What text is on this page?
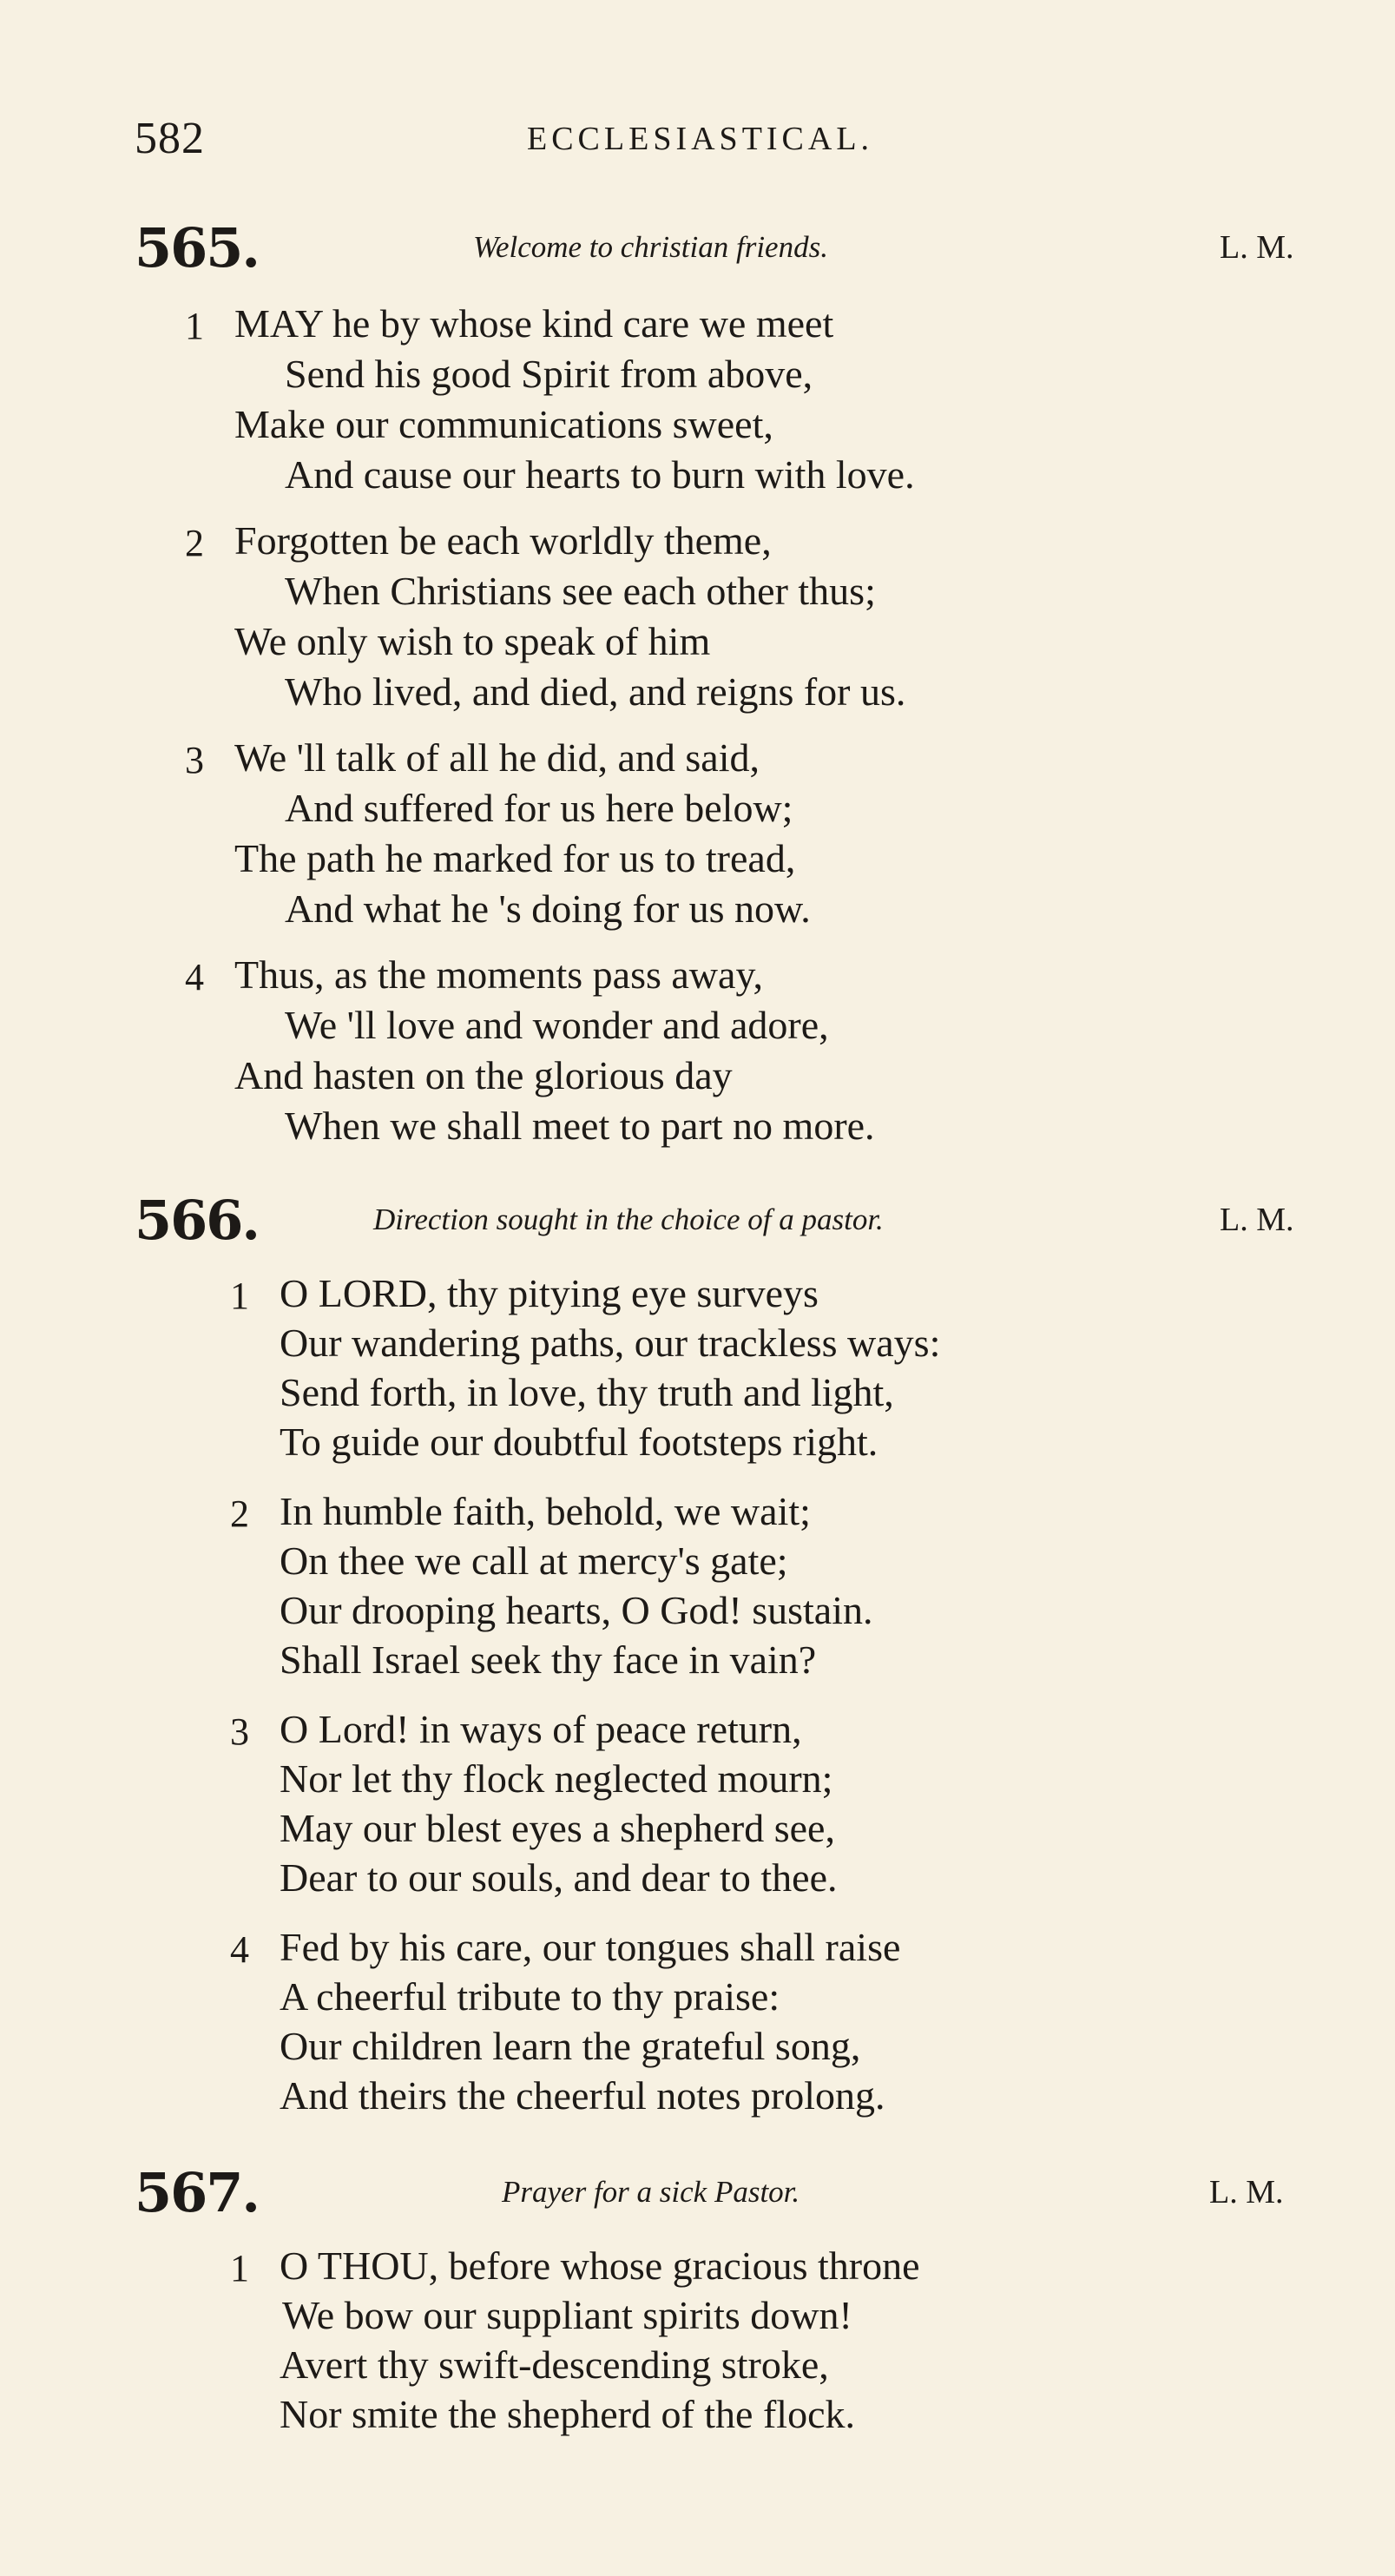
582	ECCLESIASTICAL.
565.	Welcome to christian friends.	L. M.
1 MAY he by whose kind care we meet
Send his good Spirit from above,
Make our communications sweet,
And cause our hearts to burn with love.
2 Forgotten be each worldly theme,
When Christians see each other thus;
We only wish to speak of him
Who lived, and died, and reigns for us.
3 We 'll talk of all he did, and said,
And suffered for us here below;
The path he marked for us to tread,
And what he 's doing for us now.
4 Thus, as the moments pass away,
We 'll love and wonder and adore,
And hasten on the glorious day
When we shall meet to part no more.
566.	Direction sought in the choice of a pastor.	L. M.
1 O LORD, thy pitying eye surveys
Our wandering paths, our trackless ways:
Send forth, in love, thy truth and light,
To guide our doubtful footsteps right.
2 In humble faith, behold, we wait;
On thee we call at mercy's gate;
Our drooping hearts, O God! sustain.
Shall Israel seek thy face in vain?
3 O Lord! in ways of peace return,
Nor let thy flock neglected mourn;
May our blest eyes a shepherd see,
Dear to our souls, and dear to thee.
4 Fed by his care, our tongues shall raise
A cheerful tribute to thy praise:
Our children learn the grateful song,
And theirs the cheerful notes prolong.
567.	Prayer for a sick Pastor.	L. M.
1 O THOU, before whose gracious throne
We bow our suppliant spirits down!
Avert thy swift-descending stroke,
Nor smite the shepherd of the flock.
